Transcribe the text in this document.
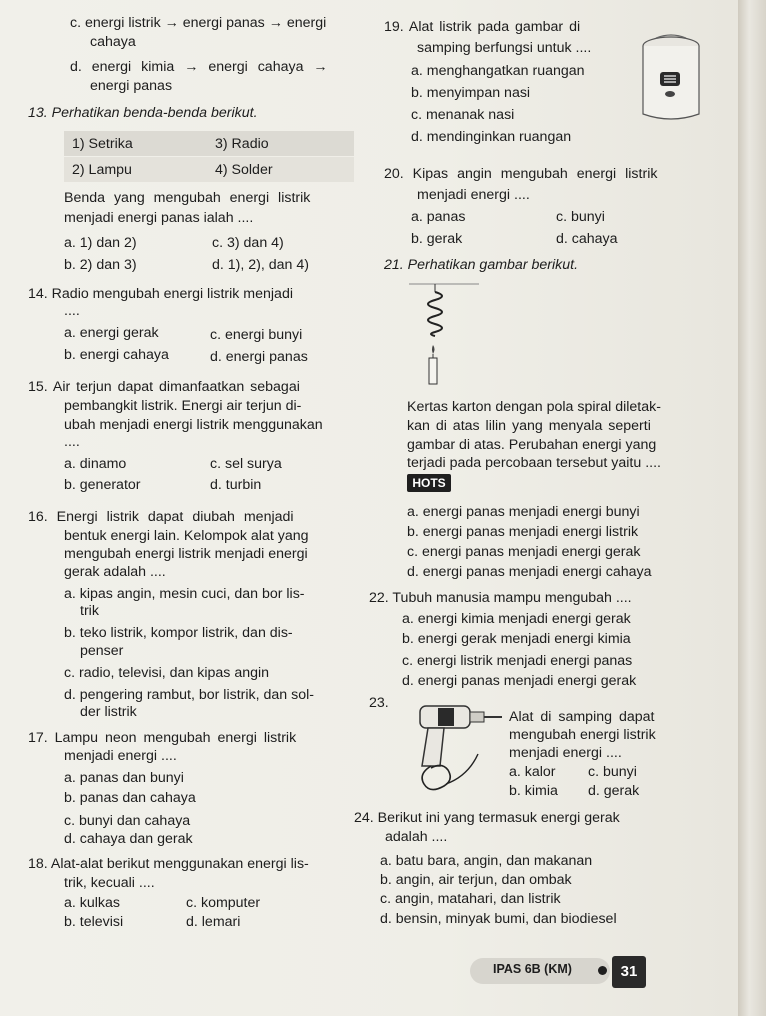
c. energi listrik → energi panas → energi
cahaya
d. energi kimia → energi cahaya →
energi panas
13. Perhatikan benda-benda berikut.
1) Setrika	3) Radio
2) Lampu	4) Solder
Benda yang mengubah energi listrik
menjadi energi panas ialah ....
a. 1) dan 2)	c. 3) dan 4)
b. 2) dan 3)	d. 1), 2), dan 4)
14. Radio mengubah energi listrik menjadi
....
a. energi gerak	c. energi bunyi
b. energi cahaya	d. energi panas
15. Air terjun dapat dimanfaatkan sebagai
pembangkit listrik. Energi air terjun di-
ubah menjadi energi listrik menggunakan
....
a. dinamo	c. sel surya
b. generator	d. turbin
16. Energi listrik dapat diubah menjadi
bentuk energi lain. Kelompok alat yang
mengubah energi listrik menjadi energi
gerak adalah ....
a. kipas angin, mesin cuci, dan bor lis-
trik
b. teko listrik, kompor listrik, dan dis-
penser
c. radio, televisi, dan kipas angin
d. pengering rambut, bor listrik, dan sol-
der listrik
17. Lampu neon mengubah energi listrik
menjadi energi ....
a. panas dan bunyi
b. panas dan cahaya
c. bunyi dan cahaya
d. cahaya dan gerak
18. Alat-alat berikut menggunakan energi lis-
trik, kecuali ....
a. kulkas	c. komputer
b. televisi	d. lemari
19. Alat listrik pada gambar di
samping berfungsi untuk ....
a. menghangatkan ruangan
b. menyimpan nasi
c. menanak nasi
d. mendinginkan ruangan
20. Kipas angin mengubah energi listrik
menjadi energi ....
a. panas	c. bunyi
b. gerak	d. cahaya
21. Perhatikan gambar berikut.
Kertas karton dengan pola spiral diletak-
kan di atas lilin yang menyala seperti
gambar di atas. Perubahan energi yang
terjadi pada percobaan tersebut yaitu ....
HOTS
a. energi panas menjadi energi bunyi
b. energi panas menjadi energi listrik
c. energi panas menjadi energi gerak
d. energi panas menjadi energi cahaya
22. Tubuh manusia mampu mengubah ....
a. energi kimia menjadi energi gerak
b. energi gerak menjadi energi kimia
c. energi listrik menjadi energi panas
d. energi panas menjadi energi gerak
23.
Alat di samping dapat
mengubah energi listrik
menjadi energi ....
a. kalor c. bunyi
b. kimia d. gerak
24. Berikut ini yang termasuk energi gerak
adalah ....
a. batu bara, angin, dan makanan
b. angin, air terjun, dan ombak
c. angin, matahari, dan listrik
d. bensin, minyak bumi, dan biodiesel
IPAS 6B (KM)	31
